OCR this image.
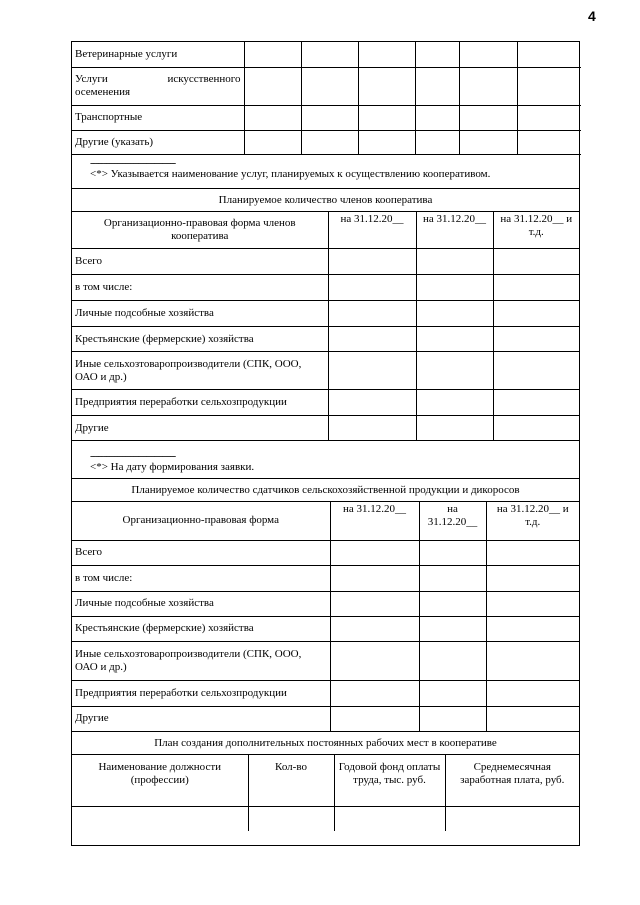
4
Ветеринарные услуги						

Услуги искусственного
осеменения						

Транспортные						
Другие (указать)						
--------------------------------
<*> Указывается наименование услуг, планируемых к осуществлению кооперативом.
Планируемое количество членов кооператива
Организационно-правовая форма членов кооператива	на 31.12.20__	на 31.12.20__	на 31.12.20__ и т.д.
Всего			
в том числе:			
Личные подсобные хозяйства			
Крестьянские (фермерские) хозяйства			
Иные сельхозтоваропроизводители (СПК, ООО, ОАО и др.)			
Предприятия переработки сельхозпродукции			
Другие			
--------------------------------
<*> На дату формирования заявки.
Планируемое количество сдатчиков сельскохозяйственной продукции и дикоросов
Организационно-правовая форма	на 31.12.20__	на 31.12.20__	на 31.12.20__ и т.д.
Всего			
в том числе:			
Личные подсобные хозяйства			
Крестьянские (фермерские) хозяйства			
Иные сельхозтоваропроизводители (СПК, ООО, ОАО и др.)			
Предприятия переработки сельхозпродукции			
Другие			
План создания дополнительных постоянных рабочих мест в кооперативе
Наименование должности (профессии)	Кол-во	Годовой фонд оплаты труда, тыс. руб.	Среднемесячная заработная плата, руб.
